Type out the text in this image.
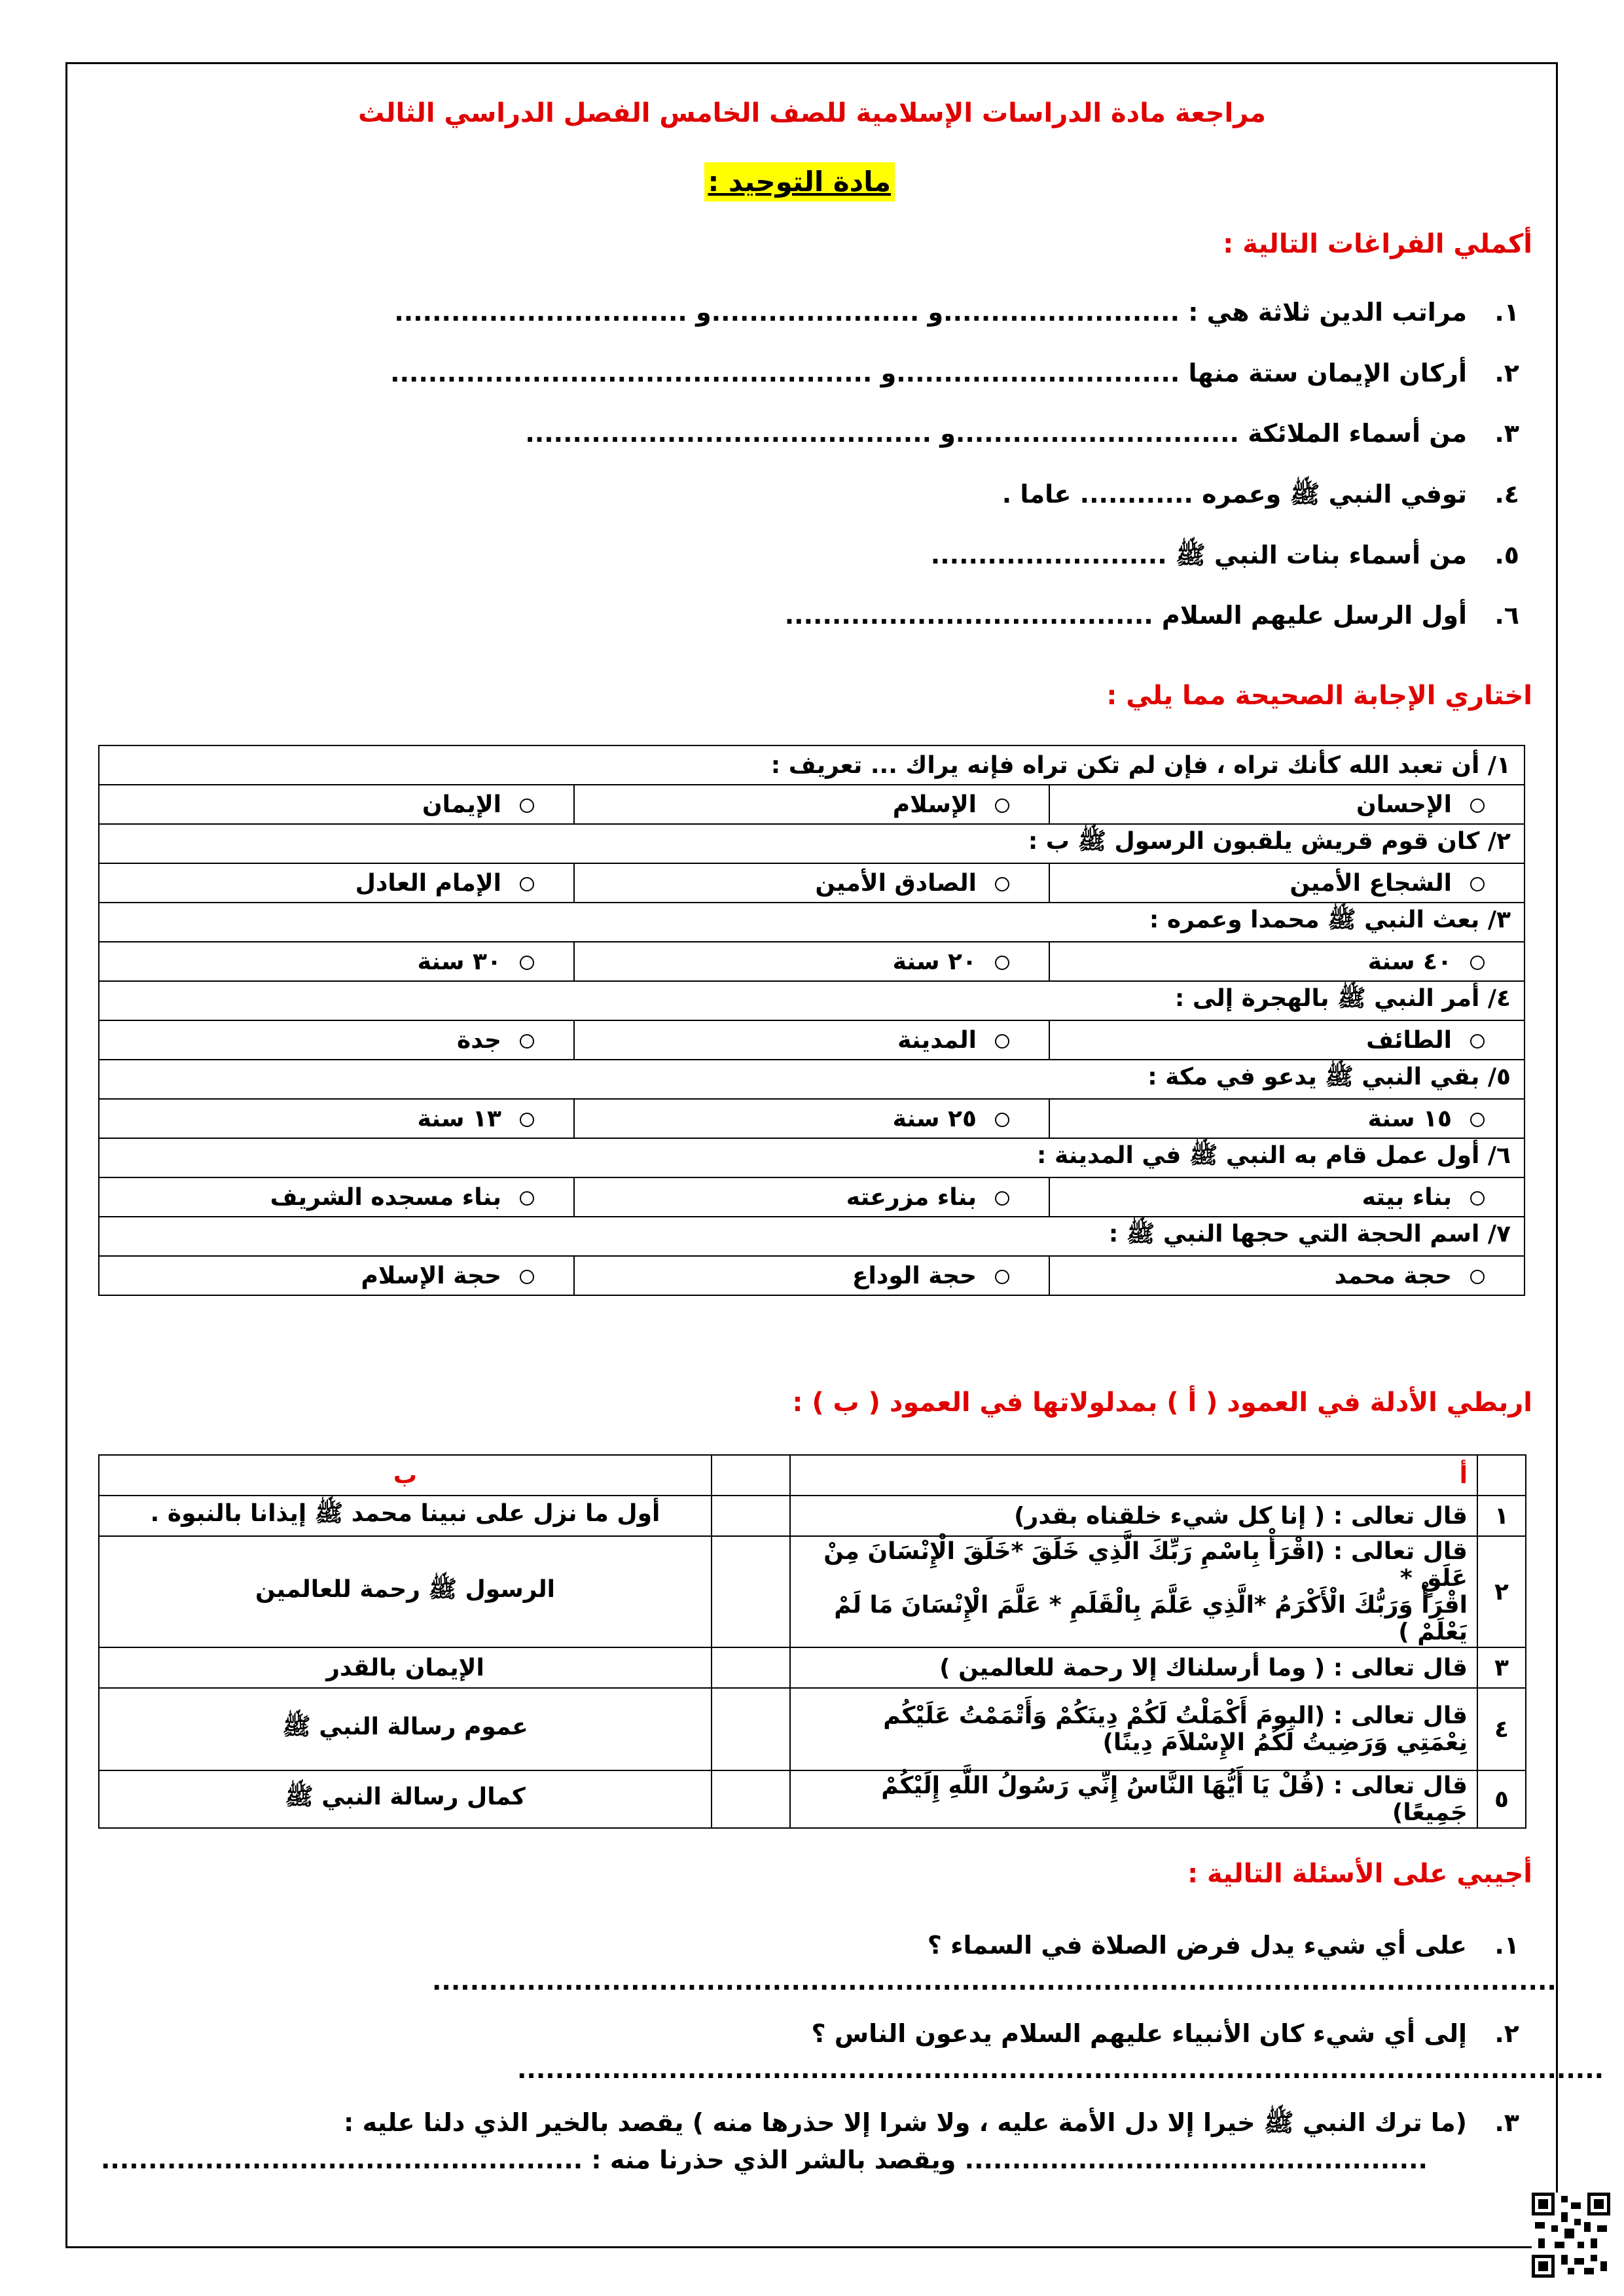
مراجعة مادة الدراسات الإسلامية للصف الخامس الفصل الدراسي الثالث
مادة التوحيد :
أكملي الفراغات التالية :
١.مراتب الدين ثلاثة هي : .........................و ......................و ...............................
٢.أركان الإيمان ستة منها ..............................و ...................................................
٣.من أسماء الملائكة ..............................و ...........................................
٤.توفي النبي ﷺ وعمره ............ عاما .
٥.من أسماء بنات النبي ﷺ .........................
٦.أول الرسل عليهم السلام .......................................
اختاري الإجابة الصحيحة مما يلي :
١/ أن تعبد الله كأنك تراه ، فإن لم تكن تراه فإنه يراك ... تعريف :		
الإحسان	الإسلام	الإيمان
٢/ كان قوم قريش يلقبون الرسول ﷺ ب :		
الشجاع الأمين	الصادق الأمين	الإمام العادل
٣/ بعث النبي ﷺ محمدا وعمره :		
٤٠ سنة	٢٠ سنة	٣٠ سنة
٤/ أمر النبي ﷺ بالهجرة إلى :		
الطائف	المدينة	جدة
٥/ بقي النبي ﷺ يدعو في مكة :		
١٥ سنة	٢٥ سنة	١٣ سنة
٦/ أول عمل قام به النبي ﷺ في المدينة :		
بناء بيته	بناء مزرعته	بناء مسجده الشريف
٧/ اسم الحجة التي حجها النبي ﷺ :		
حجة محمد	حجة الوداع	حجة الإسلام
اربطي الأدلة في العمود ( أ ) بمدلولاتها في العمود ( ب ) :
	أ		ب
١	قال تعالى : ( إنا كل شيء خلقناه بقدر)		أول ما نزل على نبينا محمد ﷺ إيذانا بالنبوة .
٢	قال تعالى : (اقْرَأْ بِاسْمِ رَبِّكَ الَّذِي خَلَقَ *خَلَقَ الْإِنْسَانَ مِنْ عَلَقٍ *
اقْرَأْ وَرَبُّكَ الْأَكْرَمُ *الَّذِي عَلَّمَ بِالْقَلَمِ * عَلَّمَ الْإِنْسَانَ مَا لَمْ يَعْلَمْ )		الرسول ﷺ رحمة للعالمين
٣	قال تعالى : ( وما أرسلناك إلا رحمة للعالمين )		الإيمان بالقدر
٤	قال تعالى : (اليومَ أَكْمَلْتُ لَكُمْ دِينَكُمْ وَأَتْمَمْتُ عَلَيْكُم
نِعْمَتِي وَرَضِيتُ لَكُمُ الإِسْلاَمَ دِينًا)		عموم رسالة النبي ﷺ
٥	قال تعالى : (قُلْ يَا أَيُّهَا النَّاسُ إِنِّي رَسُولُ اللَّهِ إِلَيْكُمْ جَمِيعًا)		كمال رسالة النبي ﷺ
أجيبي على الأسئلة التالية :
١.على أي شيء يدل فرض الصلاة في السماء ؟
.......................................................................................................................
٢.إلى أي شيء كان الأنبياء عليهم السلام يدعون الناس ؟
...................................................................................................................
٣.(ما ترك النبي ﷺ خيرا إلا دل الأمة عليه ، ولا شرا إلا حذرها منه ) يقصد بالخير الذي دلنا عليه :
................................................. ويقصد بالشر الذي حذرنا منه : ...................................................
